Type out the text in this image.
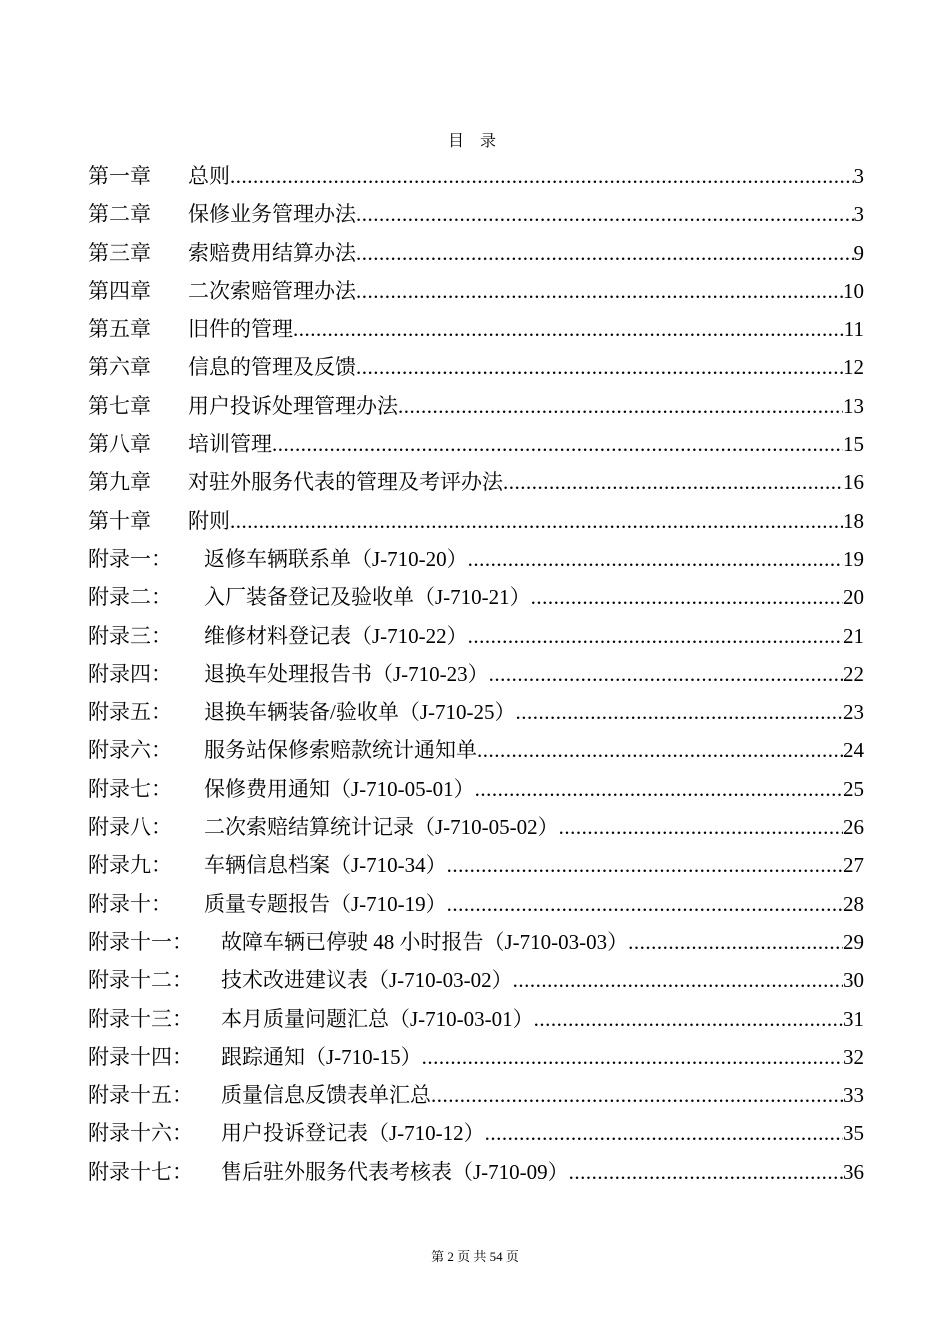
目 录
第一章	总则 .....	3
第二章	保修业务管理办法 .....	3
第三章	索赔费用结算办法 .....	9
第四章	二次索赔管理办法 .....	10
第五章	旧件的管理 .....	11
第六章	信息的管理及反馈 .....	12
第七章	用户投诉处理管理办法 .....	13
第八章	培训管理 .....	15
第九章	对驻外服务代表的管理及考评办法 .....	16
第十章	附则 .....	18
附录一：	返修车辆联系单（J-710-20） .....	19
附录二：	入厂装备登记及验收单（J-710-21） .....	20
附录三：	维修材料登记表（J-710-22） .....	21
附录四：	退换车处理报告书（J-710-23） .....	22
附录五：	退换车辆装备/验收单（J-710-25） .....	23
附录六：	服务站保修索赔款统计通知单 .....	24
附录七：	保修费用通知（J-710-05-01） .....	25
附录八：	二次索赔结算统计记录（J-710-05-02） .....	26
附录九：	车辆信息档案（J-710-34） .....	27
附录十：	质量专题报告（J-710-19） .....	28
附录十一：	故障车辆已停驶 48 小时报告（J-710-03-03） .....	29
附录十二：	技术改进建议表（J-710-03-02） .....	30
附录十三：	本月质量问题汇总（J-710-03-01） .....	31
附录十四：	跟踪通知（J-710-15） .....	32
附录十五：	质量信息反馈表单汇总 .....	33
附录十六：	用户投诉登记表（J-710-12） .....	35
附录十七：	售后驻外服务代表考核表（J-710-09） .....	36
第 2 页 共 54 页
